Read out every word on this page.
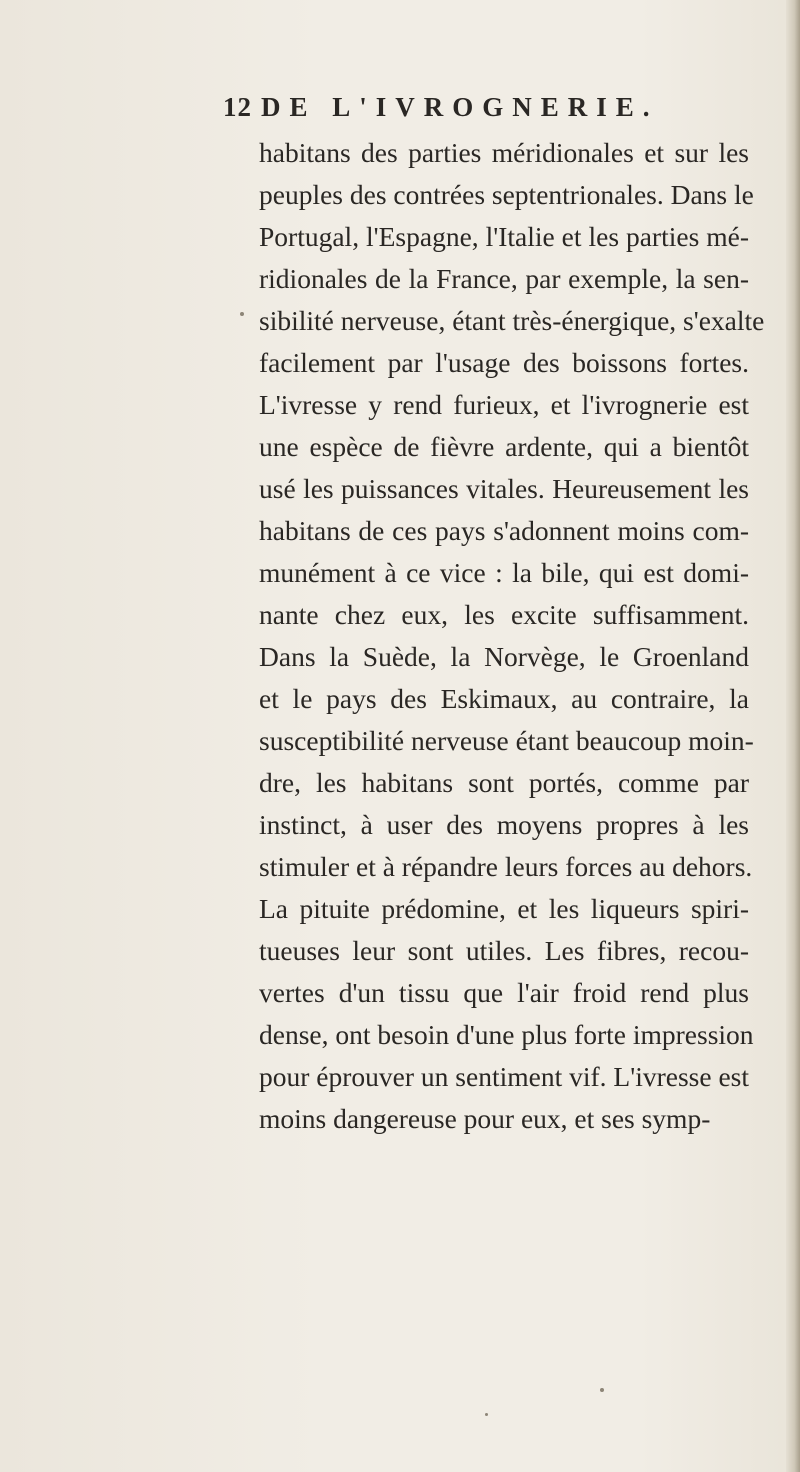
12 DE L'IVROGNERIE.
habitans des parties méridionales et sur les
peuples des contrées septentrionales. Dans le
Portugal, l'Espagne, l'Italie et les parties mé-
ridionales de la France, par exemple, la sen-
sibilité nerveuse, étant très-énergique, s'exalte
facilement par l'usage des boissons fortes.
L'ivresse y rend furieux, et l'ivrognerie est
une espèce de fièvre ardente, qui a bientôt
usé les puissances vitales. Heureusement les
habitans de ces pays s'adonnent moins com-
munément à ce vice : la bile, qui est domi-
nante chez eux, les excite suffisamment.
Dans la Suède, la Norvège, le Groenland
et le pays des Eskimaux, au contraire, la
susceptibilité nerveuse étant beaucoup moin-
dre, les habitans sont portés, comme par
instinct, à user des moyens propres à les
stimuler et à répandre leurs forces au dehors.
La pituite prédomine, et les liqueurs spiri-
tueuses leur sont utiles. Les fibres, recou-
vertes d'un tissu que l'air froid rend plus
dense, ont besoin d'une plus forte impression
pour éprouver un sentiment vif. L'ivresse est
moins dangereuse pour eux, et ses symp-
